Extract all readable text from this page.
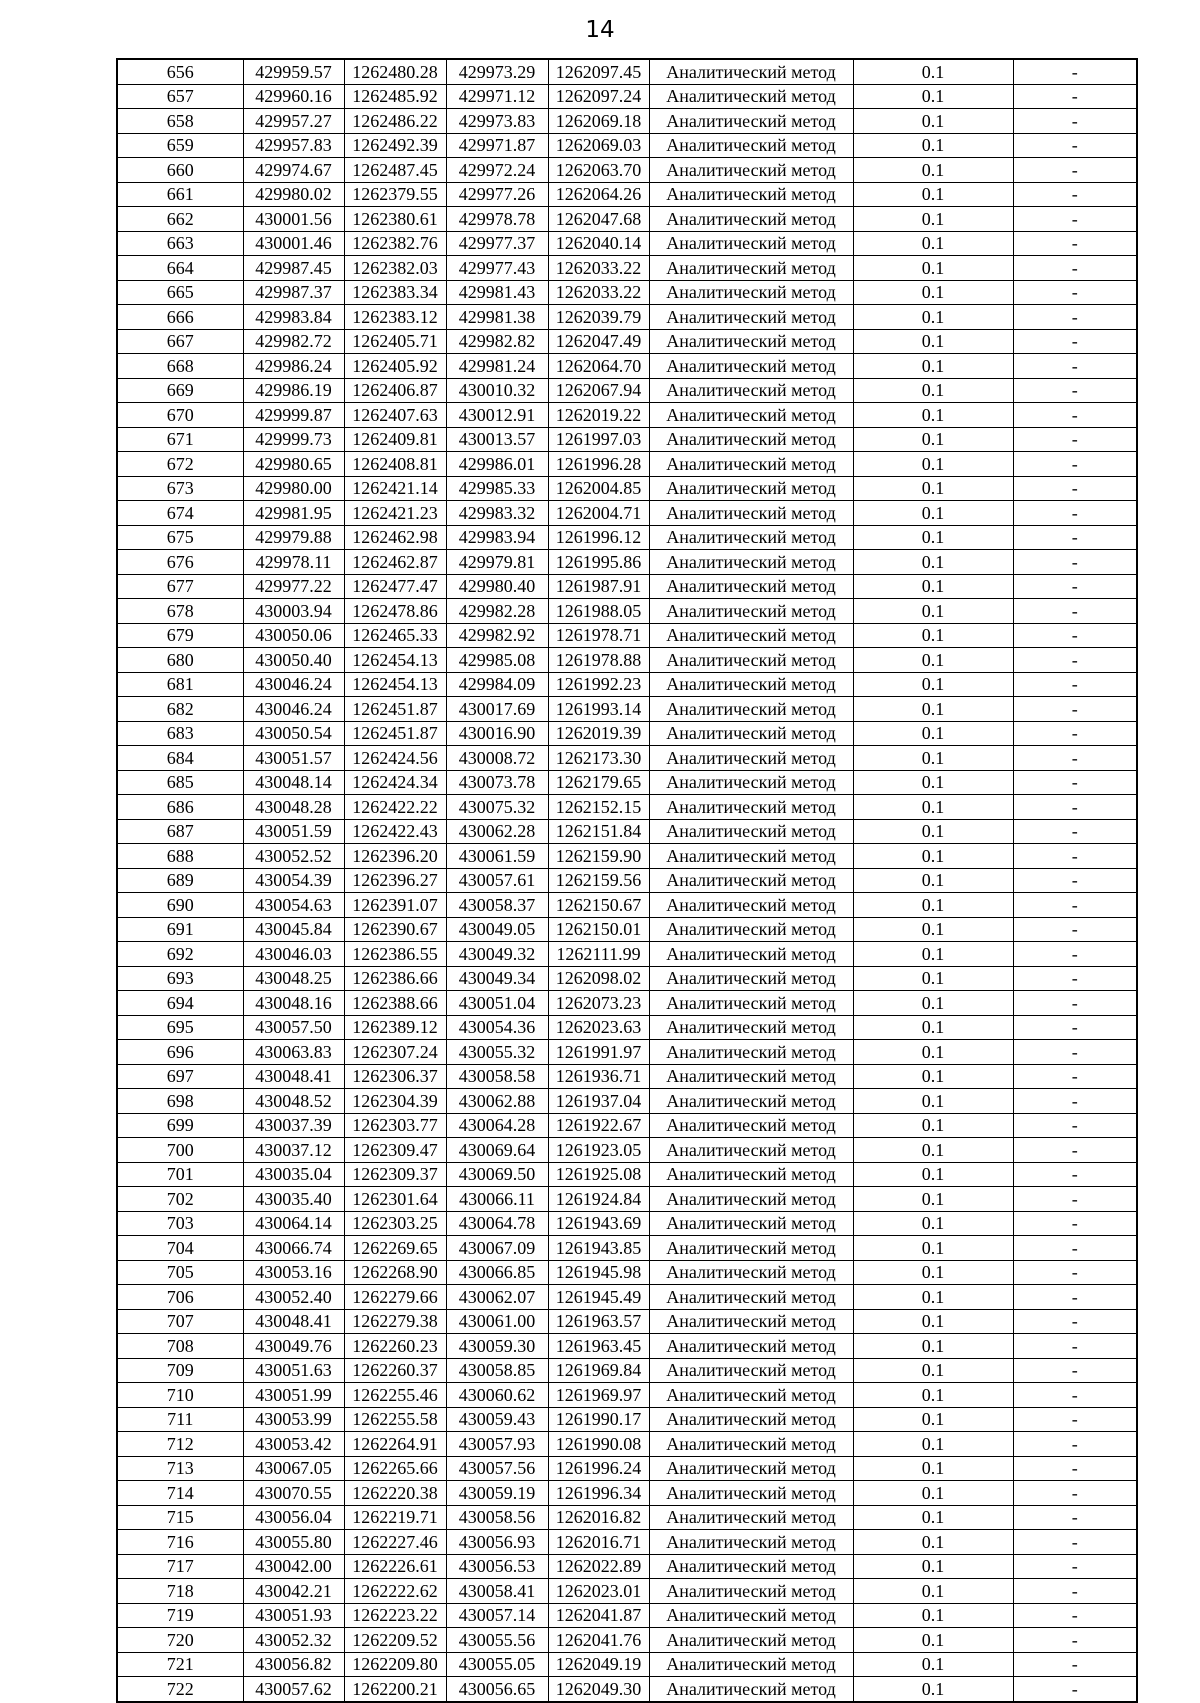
14
656	429959.57	1262480.28	429973.29	1262097.45	Аналитический метод	0.1	-
657	429960.16	1262485.92	429971.12	1262097.24	Аналитический метод	0.1	-
658	429957.27	1262486.22	429973.83	1262069.18	Аналитический метод	0.1	-
659	429957.83	1262492.39	429971.87	1262069.03	Аналитический метод	0.1	-
660	429974.67	1262487.45	429972.24	1262063.70	Аналитический метод	0.1	-
661	429980.02	1262379.55	429977.26	1262064.26	Аналитический метод	0.1	-
662	430001.56	1262380.61	429978.78	1262047.68	Аналитический метод	0.1	-
663	430001.46	1262382.76	429977.37	1262040.14	Аналитический метод	0.1	-
664	429987.45	1262382.03	429977.43	1262033.22	Аналитический метод	0.1	-
665	429987.37	1262383.34	429981.43	1262033.22	Аналитический метод	0.1	-
666	429983.84	1262383.12	429981.38	1262039.79	Аналитический метод	0.1	-
667	429982.72	1262405.71	429982.82	1262047.49	Аналитический метод	0.1	-
668	429986.24	1262405.92	429981.24	1262064.70	Аналитический метод	0.1	-
669	429986.19	1262406.87	430010.32	1262067.94	Аналитический метод	0.1	-
670	429999.87	1262407.63	430012.91	1262019.22	Аналитический метод	0.1	-
671	429999.73	1262409.81	430013.57	1261997.03	Аналитический метод	0.1	-
672	429980.65	1262408.81	429986.01	1261996.28	Аналитический метод	0.1	-
673	429980.00	1262421.14	429985.33	1262004.85	Аналитический метод	0.1	-
674	429981.95	1262421.23	429983.32	1262004.71	Аналитический метод	0.1	-
675	429979.88	1262462.98	429983.94	1261996.12	Аналитический метод	0.1	-
676	429978.11	1262462.87	429979.81	1261995.86	Аналитический метод	0.1	-
677	429977.22	1262477.47	429980.40	1261987.91	Аналитический метод	0.1	-
678	430003.94	1262478.86	429982.28	1261988.05	Аналитический метод	0.1	-
679	430050.06	1262465.33	429982.92	1261978.71	Аналитический метод	0.1	-
680	430050.40	1262454.13	429985.08	1261978.88	Аналитический метод	0.1	-
681	430046.24	1262454.13	429984.09	1261992.23	Аналитический метод	0.1	-
682	430046.24	1262451.87	430017.69	1261993.14	Аналитический метод	0.1	-
683	430050.54	1262451.87	430016.90	1262019.39	Аналитический метод	0.1	-
684	430051.57	1262424.56	430008.72	1262173.30	Аналитический метод	0.1	-
685	430048.14	1262424.34	430073.78	1262179.65	Аналитический метод	0.1	-
686	430048.28	1262422.22	430075.32	1262152.15	Аналитический метод	0.1	-
687	430051.59	1262422.43	430062.28	1262151.84	Аналитический метод	0.1	-
688	430052.52	1262396.20	430061.59	1262159.90	Аналитический метод	0.1	-
689	430054.39	1262396.27	430057.61	1262159.56	Аналитический метод	0.1	-
690	430054.63	1262391.07	430058.37	1262150.67	Аналитический метод	0.1	-
691	430045.84	1262390.67	430049.05	1262150.01	Аналитический метод	0.1	-
692	430046.03	1262386.55	430049.32	1262111.99	Аналитический метод	0.1	-
693	430048.25	1262386.66	430049.34	1262098.02	Аналитический метод	0.1	-
694	430048.16	1262388.66	430051.04	1262073.23	Аналитический метод	0.1	-
695	430057.50	1262389.12	430054.36	1262023.63	Аналитический метод	0.1	-
696	430063.83	1262307.24	430055.32	1261991.97	Аналитический метод	0.1	-
697	430048.41	1262306.37	430058.58	1261936.71	Аналитический метод	0.1	-
698	430048.52	1262304.39	430062.88	1261937.04	Аналитический метод	0.1	-
699	430037.39	1262303.77	430064.28	1261922.67	Аналитический метод	0.1	-
700	430037.12	1262309.47	430069.64	1261923.05	Аналитический метод	0.1	-
701	430035.04	1262309.37	430069.50	1261925.08	Аналитический метод	0.1	-
702	430035.40	1262301.64	430066.11	1261924.84	Аналитический метод	0.1	-
703	430064.14	1262303.25	430064.78	1261943.69	Аналитический метод	0.1	-
704	430066.74	1262269.65	430067.09	1261943.85	Аналитический метод	0.1	-
705	430053.16	1262268.90	430066.85	1261945.98	Аналитический метод	0.1	-
706	430052.40	1262279.66	430062.07	1261945.49	Аналитический метод	0.1	-
707	430048.41	1262279.38	430061.00	1261963.57	Аналитический метод	0.1	-
708	430049.76	1262260.23	430059.30	1261963.45	Аналитический метод	0.1	-
709	430051.63	1262260.37	430058.85	1261969.84	Аналитический метод	0.1	-
710	430051.99	1262255.46	430060.62	1261969.97	Аналитический метод	0.1	-
711	430053.99	1262255.58	430059.43	1261990.17	Аналитический метод	0.1	-
712	430053.42	1262264.91	430057.93	1261990.08	Аналитический метод	0.1	-
713	430067.05	1262265.66	430057.56	1261996.24	Аналитический метод	0.1	-
714	430070.55	1262220.38	430059.19	1261996.34	Аналитический метод	0.1	-
715	430056.04	1262219.71	430058.56	1262016.82	Аналитический метод	0.1	-
716	430055.80	1262227.46	430056.93	1262016.71	Аналитический метод	0.1	-
717	430042.00	1262226.61	430056.53	1262022.89	Аналитический метод	0.1	-
718	430042.21	1262222.62	430058.41	1262023.01	Аналитический метод	0.1	-
719	430051.93	1262223.22	430057.14	1262041.87	Аналитический метод	0.1	-
720	430052.32	1262209.52	430055.56	1262041.76	Аналитический метод	0.1	-
721	430056.82	1262209.80	430055.05	1262049.19	Аналитический метод	0.1	-
722	430057.62	1262200.21	430056.65	1262049.30	Аналитический метод	0.1	-
